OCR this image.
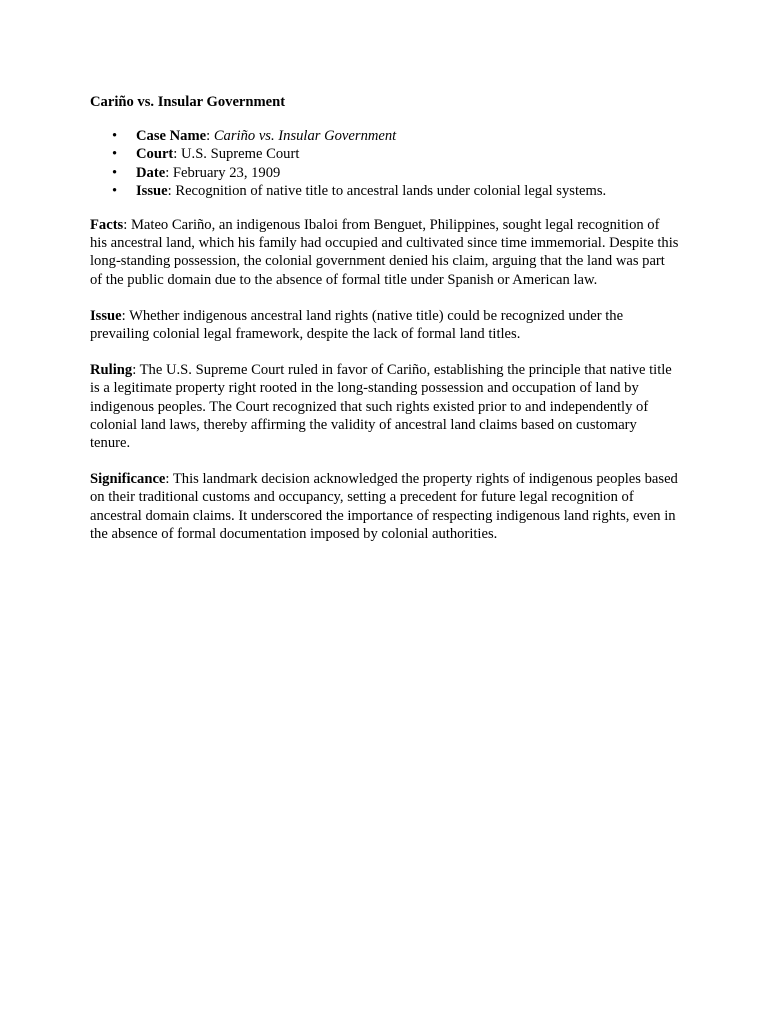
Cariño vs. Insular Government
• Case Name: Cariño vs. Insular Government
• Court: U.S. Supreme Court
• Date: February 23, 1909
• Issue: Recognition of native title to ancestral lands under colonial legal systems.

Facts: Mateo Cariño, an indigenous Ibaloi from Benguet, Philippines, sought legal recognition of his ancestral land, which his family had occupied and cultivated since time immemorial. Despite this long-standing possession, the colonial government denied his claim, arguing that the land was part of the public domain due to the absence of formal title under Spanish or American law.

Issue: Whether indigenous ancestral land rights (native title) could be recognized under the prevailing colonial legal framework, despite the lack of formal land titles.

Ruling: The U.S. Supreme Court ruled in favor of Cariño, establishing the principle that native title is a legitimate property right rooted in the long-standing possession and occupation of land by indigenous peoples. The Court recognized that such rights existed prior to and independently of colonial land laws, thereby affirming the validity of ancestral land claims based on customary tenure.

Significance: This landmark decision acknowledged the property rights of indigenous peoples based on their traditional customs and occupancy, setting a precedent for future legal recognition of ancestral domain claims. It underscored the importance of respecting indigenous land rights, even in the absence of formal documentation imposed by colonial authorities.
